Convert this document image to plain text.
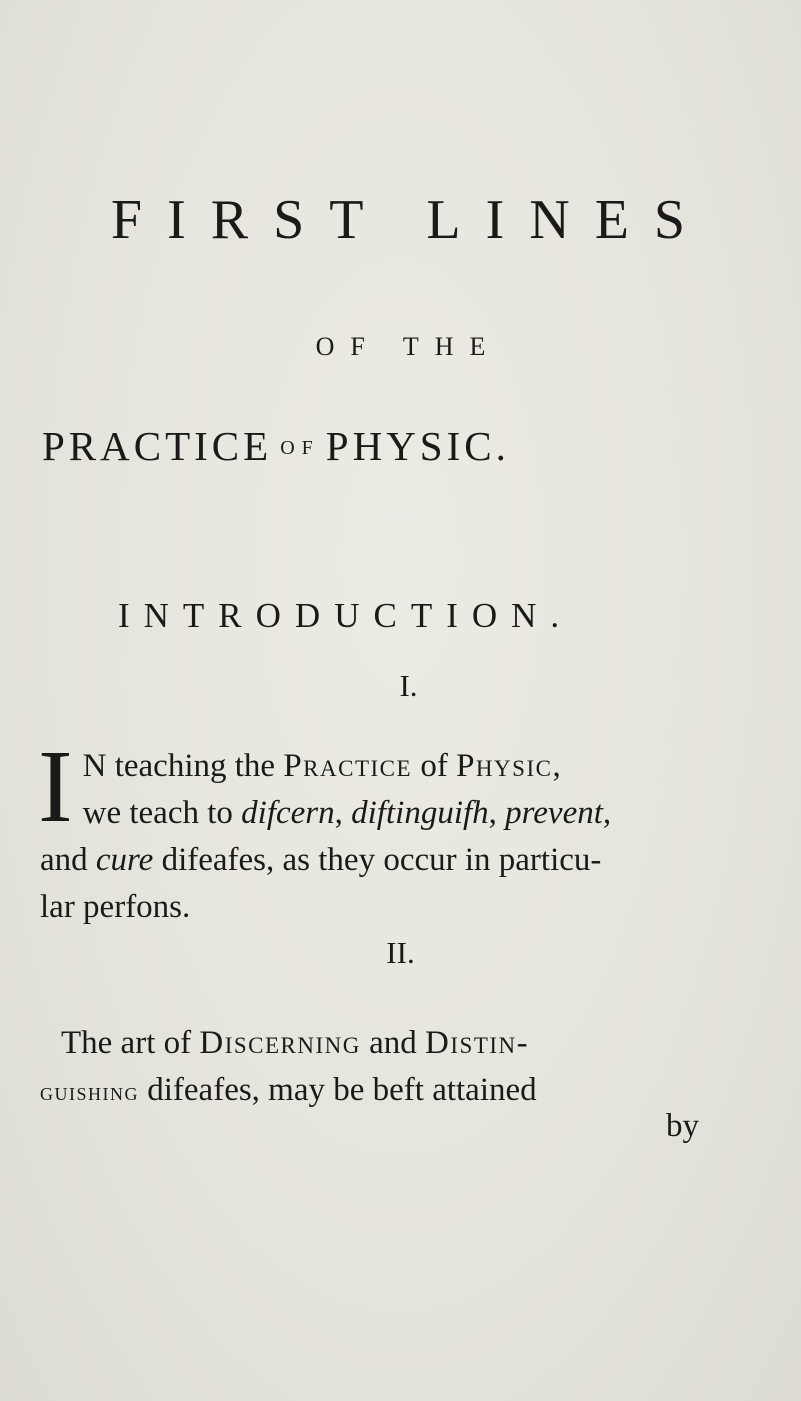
FIRST LINES
OF THE
PRACTICE OF PHYSIC.
INTRODUCTION.
I.
I N teaching the Practice of Physic,
we teach to difcern, diftinguifh, prevent,
and cure difeafes, as they occur in particu-
lar perfons.
II.
The art of Discerning and Distin-
guishing difeafes, may be beft attained
by
